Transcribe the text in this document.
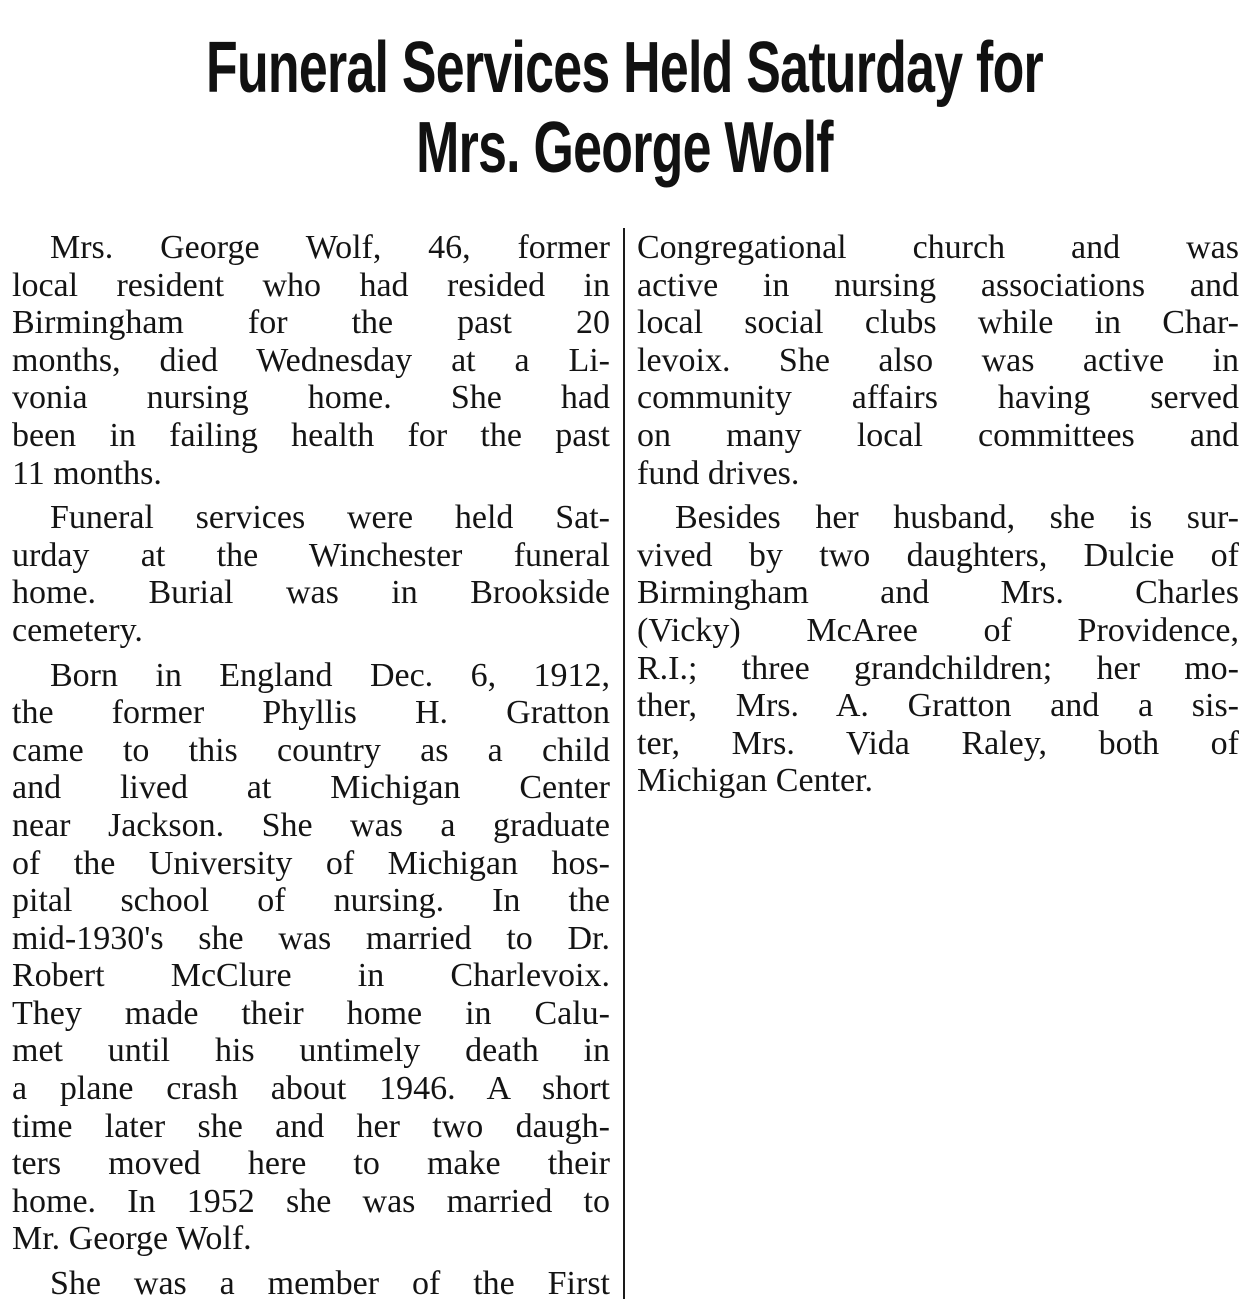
Funeral Services Held Saturday for
Mrs. George Wolf
Mrs. George Wolf, 46, former
local resident who had resided in
Birmingham for the past 20
months, died Wednesday at a Li-
vonia nursing home. She had
been in failing health for the past
11 months.
Funeral services were held Sat-
urday at the Winchester funeral
home. Burial was in Brookside
cemetery.
Born in England Dec. 6, 1912,
the former Phyllis H. Gratton
came to this country as a child
and lived at Michigan Center
near Jackson. She was a graduate
of the University of Michigan hos-
pital school of nursing. In the
mid-1930's she was married to Dr.
Robert McClure in Charlevoix.
They made their home in Calu-
met until his untimely death in
a plane crash about 1946. A short
time later she and her two daugh-
ters moved here to make their
home. In 1952 she was married to
Mr. George Wolf.
She was a member of the First
Congregational church and was
active in nursing associations and
local social clubs while in Char-
levoix. She also was active in
community affairs having served
on many local committees and
fund drives.
Besides her husband, she is sur-
vived by two daughters, Dulcie of
Birmingham and Mrs. Charles
(Vicky) McAree of Providence,
R.I.; three grandchildren; her mo-
ther, Mrs. A. Gratton and a sis-
ter, Mrs. Vida Raley, both of
Michigan Center.
